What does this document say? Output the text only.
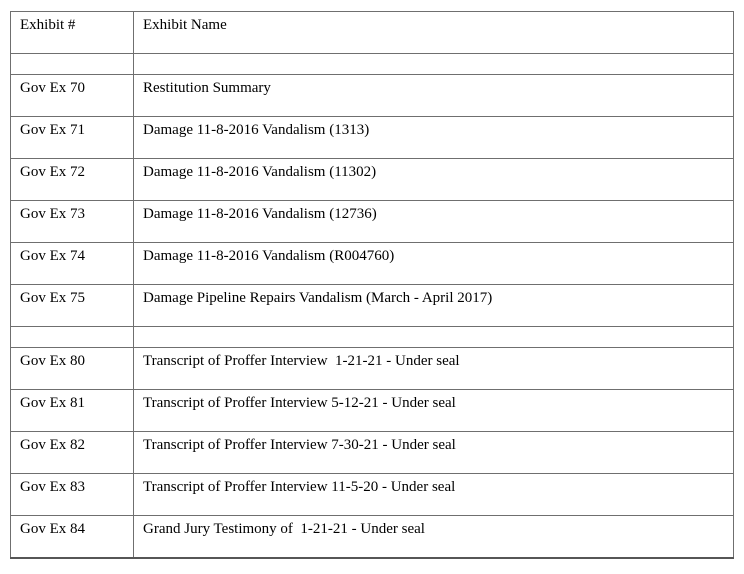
Exhibit #	Exhibit Name

Gov Ex 70	Restitution Summary
Gov Ex 71	Damage 11-8-2016 Vandalism (1313)
Gov Ex 72	Damage 11-8-2016 Vandalism (11302)
Gov Ex 73	Damage 11-8-2016 Vandalism (12736)
Gov Ex 74	Damage 11-8-2016 Vandalism (R004760)
Gov Ex 75	Damage Pipeline Repairs Vandalism (March - April 2017)

Gov Ex 80	Transcript of Proffer Interview  1-21-21 - Under seal
Gov Ex 81	Transcript of Proffer Interview 5-12-21 - Under seal
Gov Ex 82	Transcript of Proffer Interview 7-30-21 - Under seal
Gov Ex 83	Transcript of Proffer Interview 11-5-20 - Under seal
Gov Ex 84	Grand Jury Testimony of  1-21-21 - Under seal
